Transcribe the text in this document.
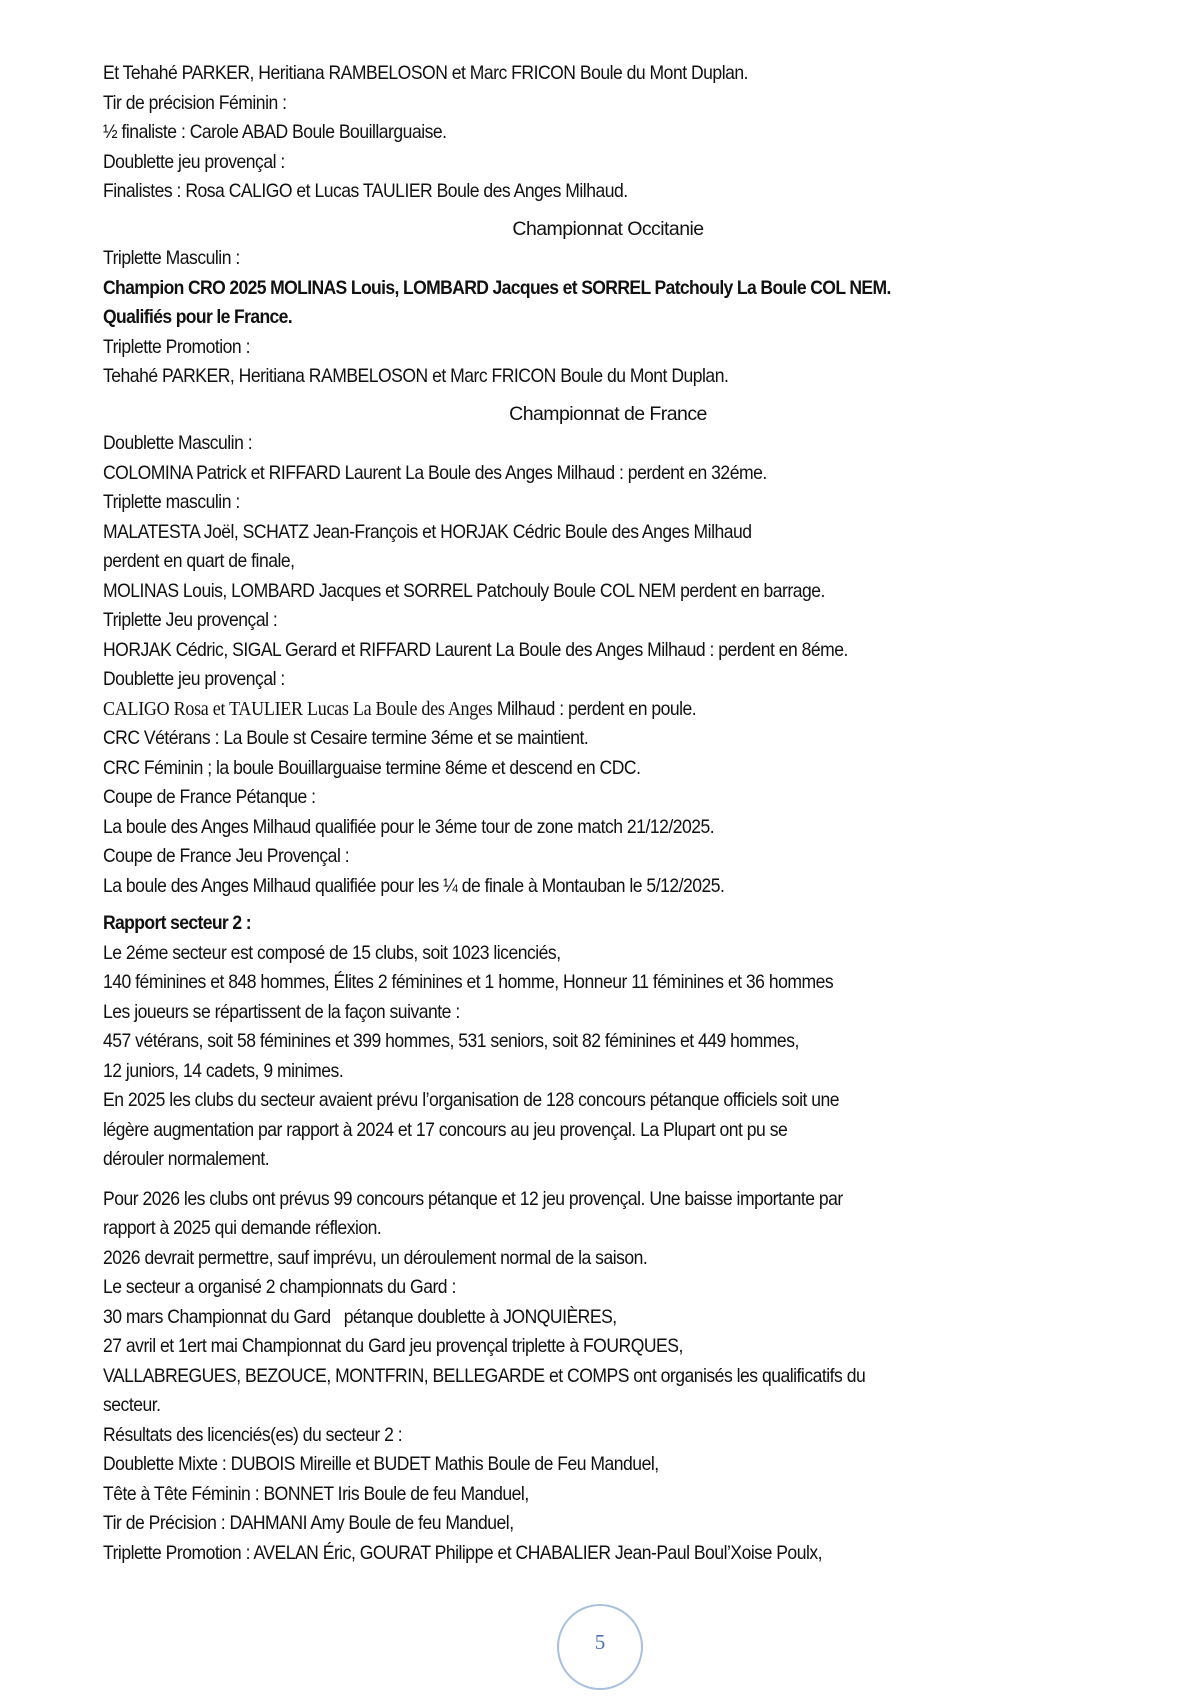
Et Tehahé PARKER, Heritiana RAMBELOSON et Marc FRICON Boule du Mont Duplan.
Tir de précision Féminin :
½ finaliste : Carole ABAD Boule Bouillarguaise.
Doublette jeu provençal :
Finalistes : Rosa CALIGO et Lucas TAULIER Boule des Anges Milhaud.
Championnat Occitanie
Triplette Masculin :
Champion CRO 2025 MOLINAS Louis, LOMBARD Jacques et SORREL Patchouly La Boule COL NEM.
Qualifiés pour le France.
Triplette Promotion :
Tehahé PARKER, Heritiana RAMBELOSON et Marc FRICON Boule du Mont Duplan.
Championnat de France
Doublette Masculin :
COLOMINA Patrick et RIFFARD Laurent La Boule des Anges Milhaud : perdent en 32éme.
Triplette masculin :
MALATESTA Joël, SCHATZ Jean-François et HORJAK Cédric Boule des Anges Milhaud
perdent en quart de finale,
MOLINAS Louis, LOMBARD Jacques et SORREL Patchouly Boule COL NEM perdent en barrage.
Triplette Jeu provençal :
HORJAK Cédric, SIGAL Gerard et RIFFARD Laurent La Boule des Anges Milhaud : perdent en 8éme.
Doublette jeu provençal :
CALIGO Rosa et TAULIER Lucas La Boule des Anges Milhaud : perdent en poule.
CRC Vétérans : La Boule st Cesaire termine 3éme et se maintient.
CRC Féminin ; la boule Bouillarguaise termine 8éme et descend en CDC.
Coupe de France Pétanque :
La boule des Anges Milhaud qualifiée pour le 3éme tour de zone match 21/12/2025.
Coupe de France Jeu Provençal :
La boule des Anges Milhaud qualifiée pour les ¼ de finale à Montauban le 5/12/2025.
Rapport secteur 2 :
Le 2éme secteur est composé de 15 clubs, soit 1023 licenciés,
140 féminines et 848 hommes, Élites 2 féminines et 1 homme, Honneur 11 féminines et 36 hommes
Les joueurs se répartissent de la façon suivante :
457 vétérans, soit 58 féminines et 399 hommes, 531 seniors, soit 82 féminines et 449 hommes,
12 juniors, 14 cadets, 9 minimes.
En 2025 les clubs du secteur avaient prévu l’organisation de 128 concours pétanque officiels soit une
légère augmentation par rapport à 2024 et 17 concours au jeu provençal. La Plupart ont pu se
dérouler normalement.
Pour 2026 les clubs ont prévus 99 concours pétanque et 12 jeu provençal. Une baisse importante par
rapport à 2025 qui demande réflexion.
2026 devrait permettre, sauf imprévu, un déroulement normal de la saison.
Le secteur a organisé 2 championnats du Gard :
30 mars Championnat du Gard   pétanque doublette à JONQUIÈRES,
27 avril et 1ert mai Championnat du Gard jeu provençal triplette à FOURQUES,
VALLABREGUES, BEZOUCE, MONTFRIN, BELLEGARDE et COMPS ont organisés les qualificatifs du
secteur.
Résultats des licenciés(es) du secteur 2 :
Doublette Mixte : DUBOIS Mireille et BUDET Mathis Boule de Feu Manduel,
Tête à Tête Féminin : BONNET Iris Boule de feu Manduel,
Tir de Précision : DAHMANI Amy Boule de feu Manduel,
Triplette Promotion : AVELAN Éric, GOURAT Philippe et CHABALIER Jean-Paul Boul’Xoise Poulx,
5
